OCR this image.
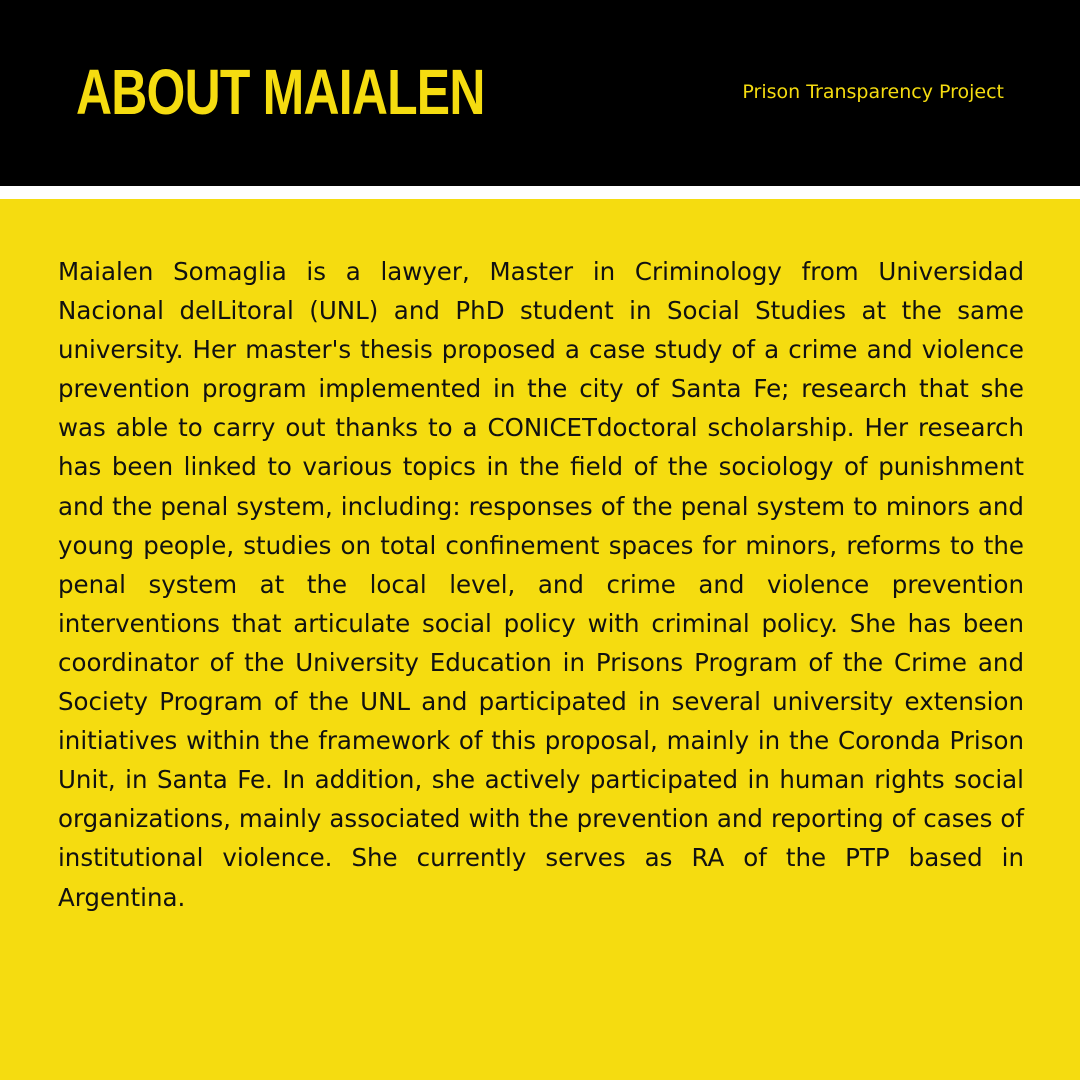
ABOUT MAIALEN	Prison Transparency Project

Maialen Somaglia is a lawyer, Master in Criminology from Universidad Nacional delLitoral (UNL) and PhD student in Social Studies at the same university. Her master's thesis proposed a case study of a crime and violence prevention program implemented in the city of Santa Fe; research that she was able to carry out thanks to a CONICETdoctoral scholarship. Her research has been linked to various topics in the field of the sociology of punishment and the penal system, including: responses of the penal system to minors and young people, studies on total confinement spaces for minors, reforms to the penal system at the local level, and crime and violence prevention interventions that articulate social policy with criminal policy. She has been coordinator of the University Education in Prisons Program of the Crime and Society Program of the UNL and participated in several university extension initiatives within the framework of this proposal, mainly in the Coronda Prison Unit, in Santa Fe. In addition, she actively participated in human rights social organizations, mainly associated with the prevention and reporting of cases of institutional violence. She currently serves as RA of the PTP based in Argentina.
